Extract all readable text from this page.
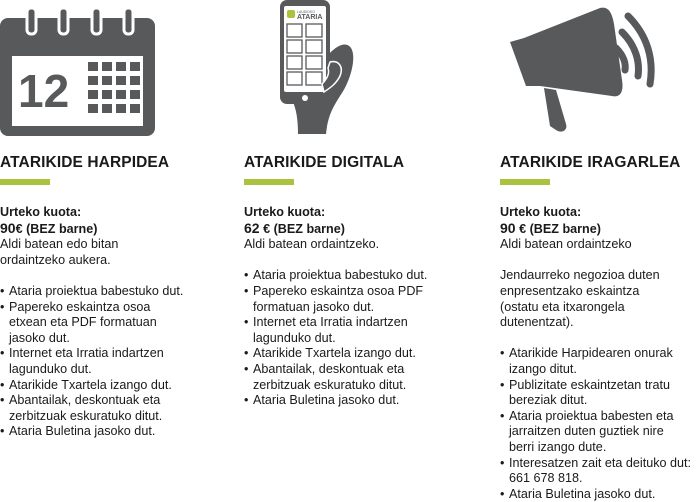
12
ATARIKIDE HARPIDEA

Urteko kuota:

90€ (BEZ barne)

Aldi batean edo bitan

ordaintzeko aukera.

• Ataria proiektua babestuko dut.
• Papereko eskaintza osoa
etxean eta PDF formatuan
jasoko dut.
• Internet eta Irratia indartzen
lagunduko dut.
• Atarikide Txartela izango dut.
• Abantailak, deskontuak eta
zerbitzuak eskuratuko ditut.
• Ataria Buletina jasoko dut.
LAUDIOKO
ATARIA
ATARIKIDE DIGITALA

Urteko kuota:

62 € (BEZ barne)

Aldi batean ordaintzeko.

• Ataria proiektua babestuko dut.
• Papereko eskaintza osoa PDF
formatuan jasoko dut.
• Internet eta Irratia indartzen
lagunduko dut.
• Atarikide Txartela izango dut.
• Abantailak, deskontuak eta
zerbitzuak eskuratuko ditut.
• Ataria Buletina jasoko dut.
ATARIKIDE IRAGARLEA

Urteko kuota:

90 € (BEZ barne)

Aldi batean ordaintzeko

Jendaurreko negozioa duten

enpresentzako eskaintza

(ostatu eta itxarongela

dutenentzat).

• Atarikide Harpidearen onurak
izango ditut.
• Publizitate eskaintzetan tratu
bereziak ditut.
• Ataria proiektua babesten eta
jarraitzen duten guztiek nire
berri izango dute.
• Interesatzen zait eta deituko dut:
661 678 818.
• Ataria Buletina jasoko dut.
